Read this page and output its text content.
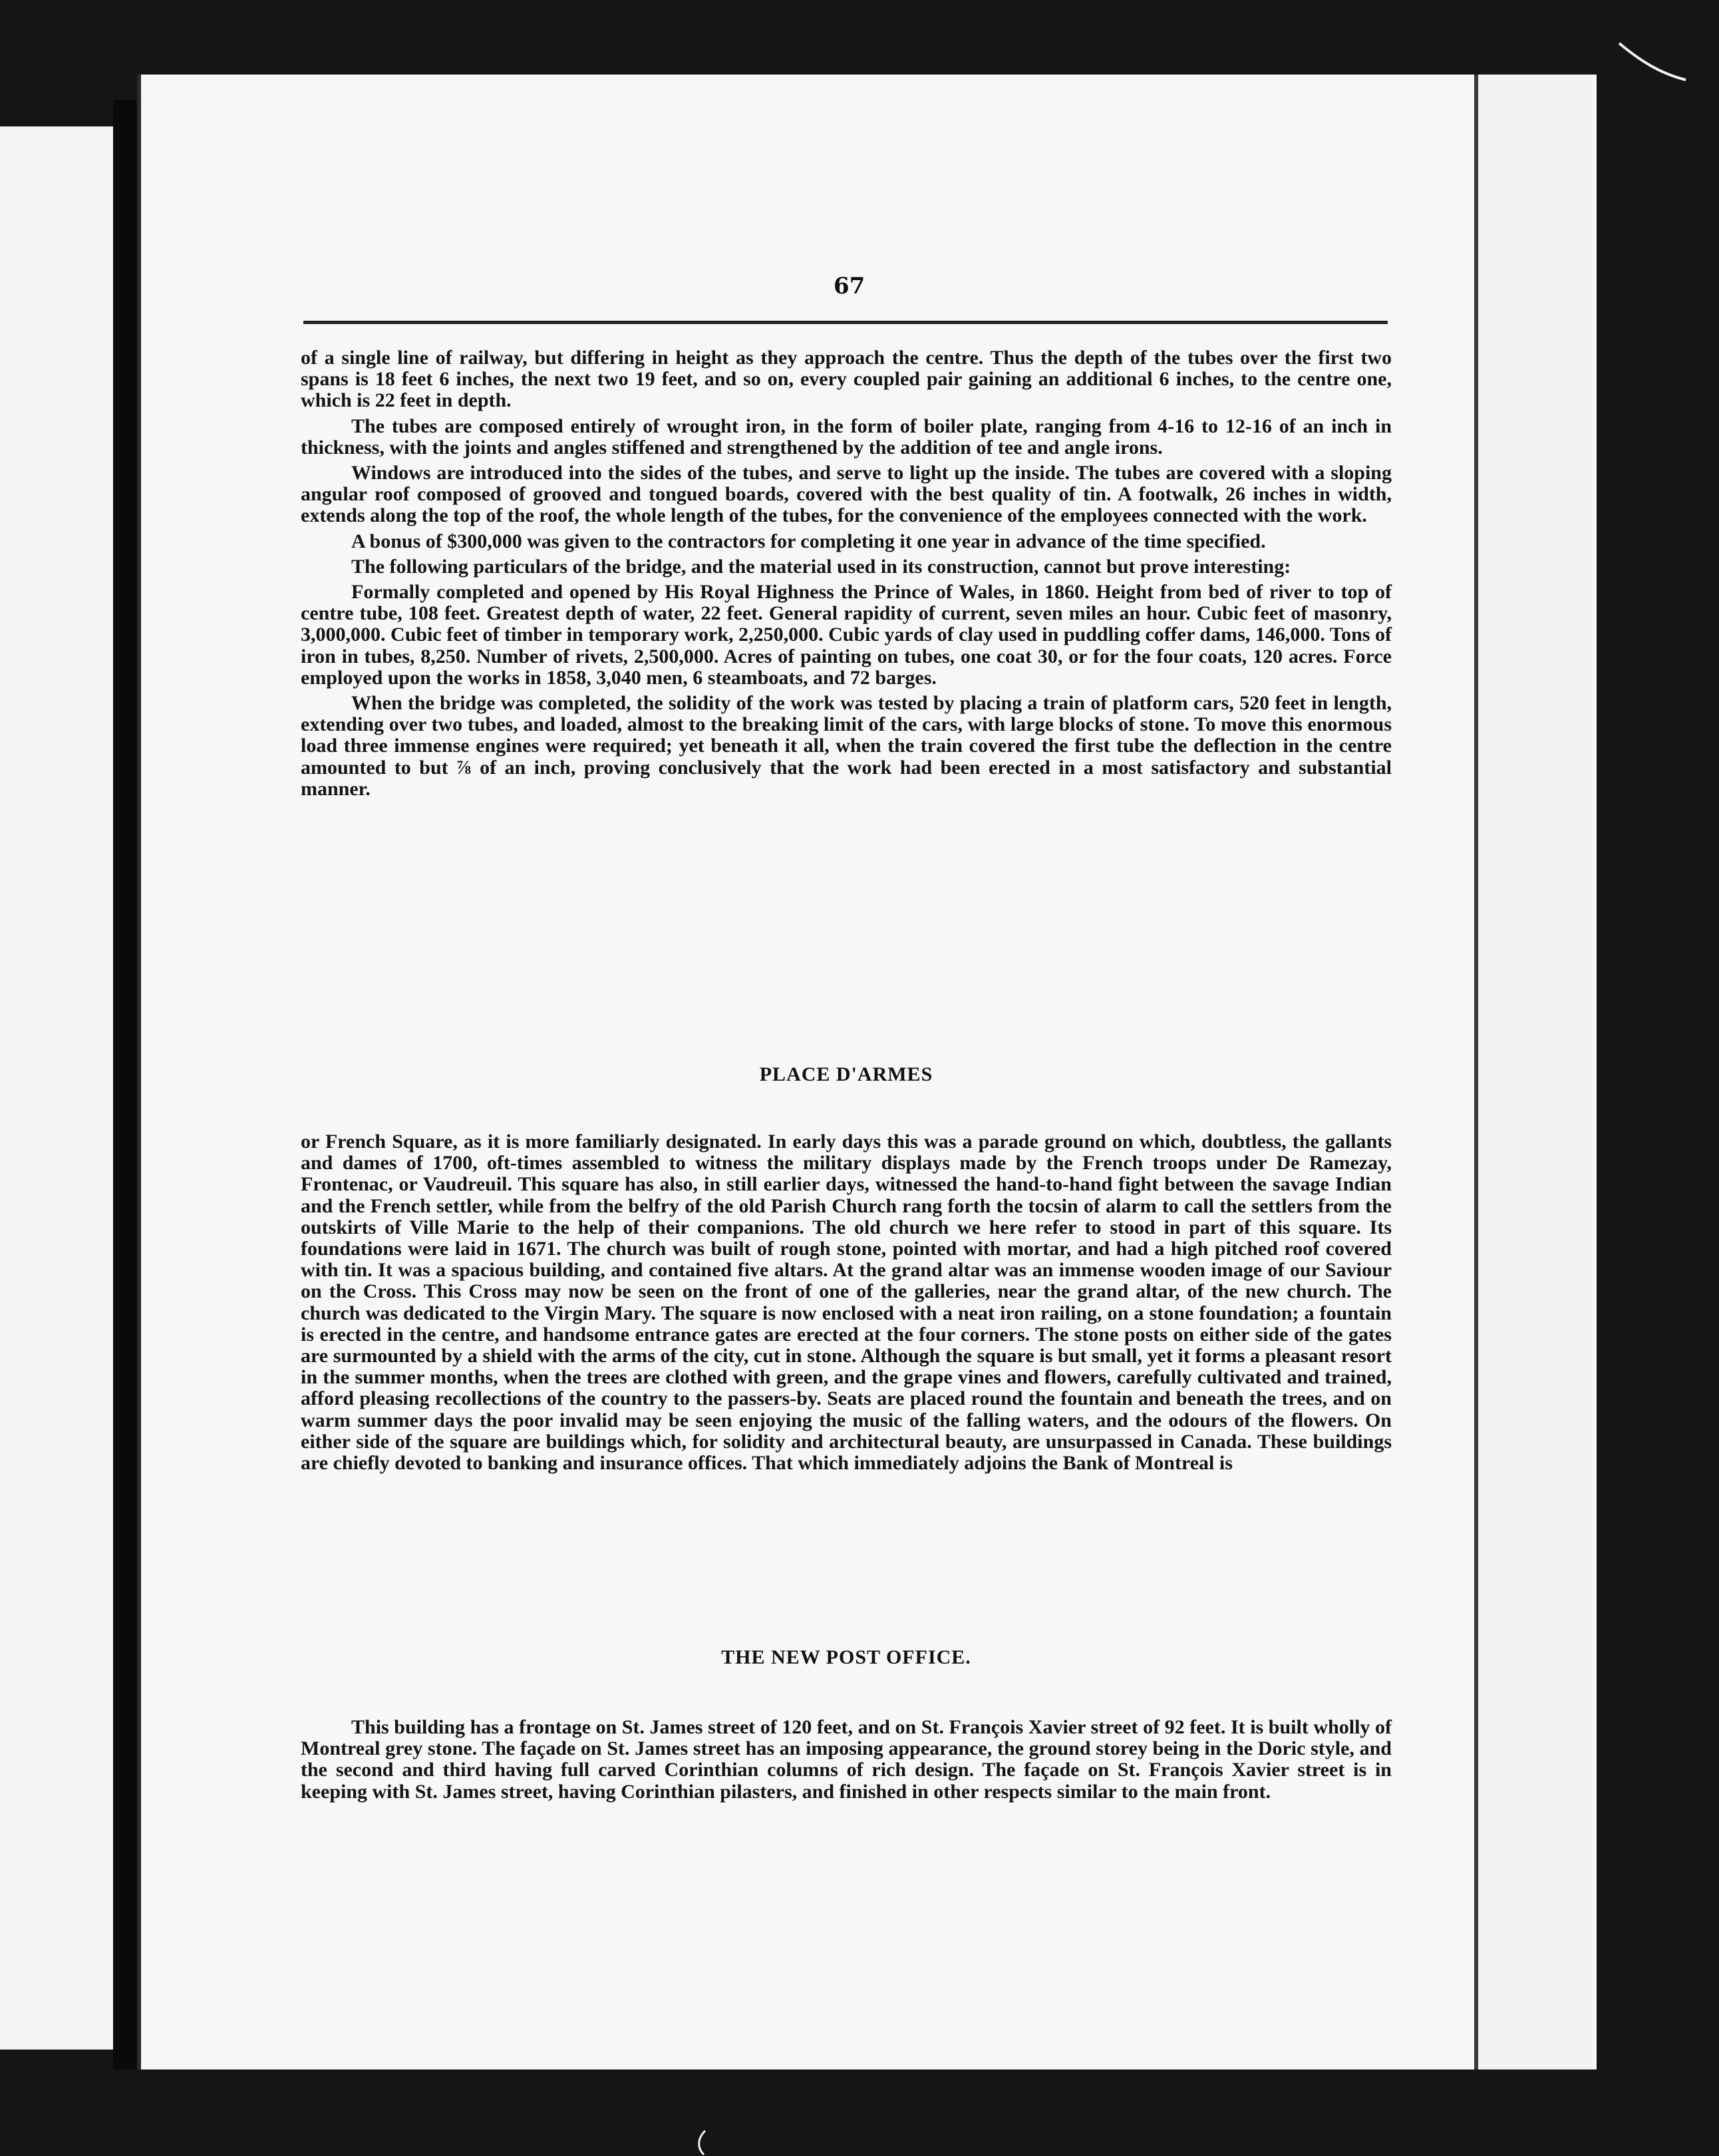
67

of a single line of railway, but differing in height as they approach the centre. Thus the depth of the tubes over the first two spans is 18 feet 6 inches, the next two 19 feet, and so on, every coupled pair gaining an additional 6 inches, to the centre one, which is 22 feet in depth.

The tubes are composed entirely of wrought iron, in the form of boiler plate, ranging from 4-16 to 12-16 of an inch in thickness, with the joints and angles stiffened and strengthened by the addition of tee and angle irons.

Windows are introduced into the sides of the tubes, and serve to light up the inside. The tubes are covered with a sloping angular roof composed of grooved and tongued boards, covered with the best quality of tin. A footwalk, 26 inches in width, extends along the top of the roof, the whole length of the tubes, for the convenience of the employees connected with the work.

A bonus of $300,000 was given to the contractors for completing it one year in advance of the time specified.

The following particulars of the bridge, and the material used in its construction, cannot but prove interesting:

Formally completed and opened by His Royal Highness the Prince of Wales, in 1860. Height from bed of river to top of centre tube, 108 feet. Greatest depth of water, 22 feet. General rapidity of current, seven miles an hour. Cubic feet of masonry, 3,000,000. Cubic feet of timber in temporary work, 2,250,000. Cubic yards of clay used in puddling coffer dams, 146,000. Tons of iron in tubes, 8,250. Number of rivets, 2,500,000. Acres of painting on tubes, one coat 30, or for the four coats, 120 acres. Force employed upon the works in 1858, 3,040 men, 6 steamboats, and 72 barges.

When the bridge was completed, the solidity of the work was tested by placing a train of platform cars, 520 feet in length, extending over two tubes, and loaded, almost to the breaking limit of the cars, with large blocks of stone. To move this enormous load three immense engines were required; yet beneath it all, when the train covered the first tube the deflection in the centre amounted to but ⅞ of an inch, proving conclusively that the work had been erected in a most satisfactory and substantial manner.

PLACE D'ARMES

or French Square, as it is more familiarly designated. In early days this was a parade ground on which, doubtless, the gallants and dames of 1700, oft-times assembled to witness the military displays made by the French troops under De Ramezay, Frontenac, or Vaudreuil. This square has also, in still earlier days, witnessed the hand-to-hand fight between the savage Indian and the French settler, while from the belfry of the old Parish Church rang forth the tocsin of alarm to call the settlers from the outskirts of Ville Marie to the help of their companions. The old church we here refer to stood in part of this square. Its foundations were laid in 1671. The church was built of rough stone, pointed with mortar, and had a high pitched roof covered with tin. It was a spacious building, and contained five altars. At the grand altar was an immense wooden image of our Saviour on the Cross. This Cross may now be seen on the front of one of the galleries, near the grand altar, of the new church. The church was dedicated to the Virgin Mary. The square is now enclosed with a neat iron railing, on a stone foundation; a fountain is erected in the centre, and handsome entrance gates are erected at the four corners. The stone posts on either side of the gates are surmounted by a shield with the arms of the city, cut in stone. Although the square is but small, yet it forms a pleasant resort in the summer months, when the trees are clothed with green, and the grape vines and flowers, carefully cultivated and trained, afford pleasing recollections of the country to the passers-by. Seats are placed round the fountain and beneath the trees, and on warm summer days the poor invalid may be seen enjoying the music of the falling waters, and the odours of the flowers. On either side of the square are buildings which, for solidity and architectural beauty, are unsurpassed in Canada. These buildings are chiefly devoted to banking and insurance offices. That which immediately adjoins the Bank of Montreal is

THE NEW POST OFFICE.

This building has a frontage on St. James street of 120 feet, and on St. François Xavier street of 92 feet. It is built wholly of Montreal grey stone. The façade on St. James street has an imposing appearance, the ground storey being in the Doric style, and the second and third having full carved Corinthian columns of rich design. The façade on St. François Xavier street is in keeping with St. James street, having Corinthian pilasters, and finished in other respects similar to the main front.
